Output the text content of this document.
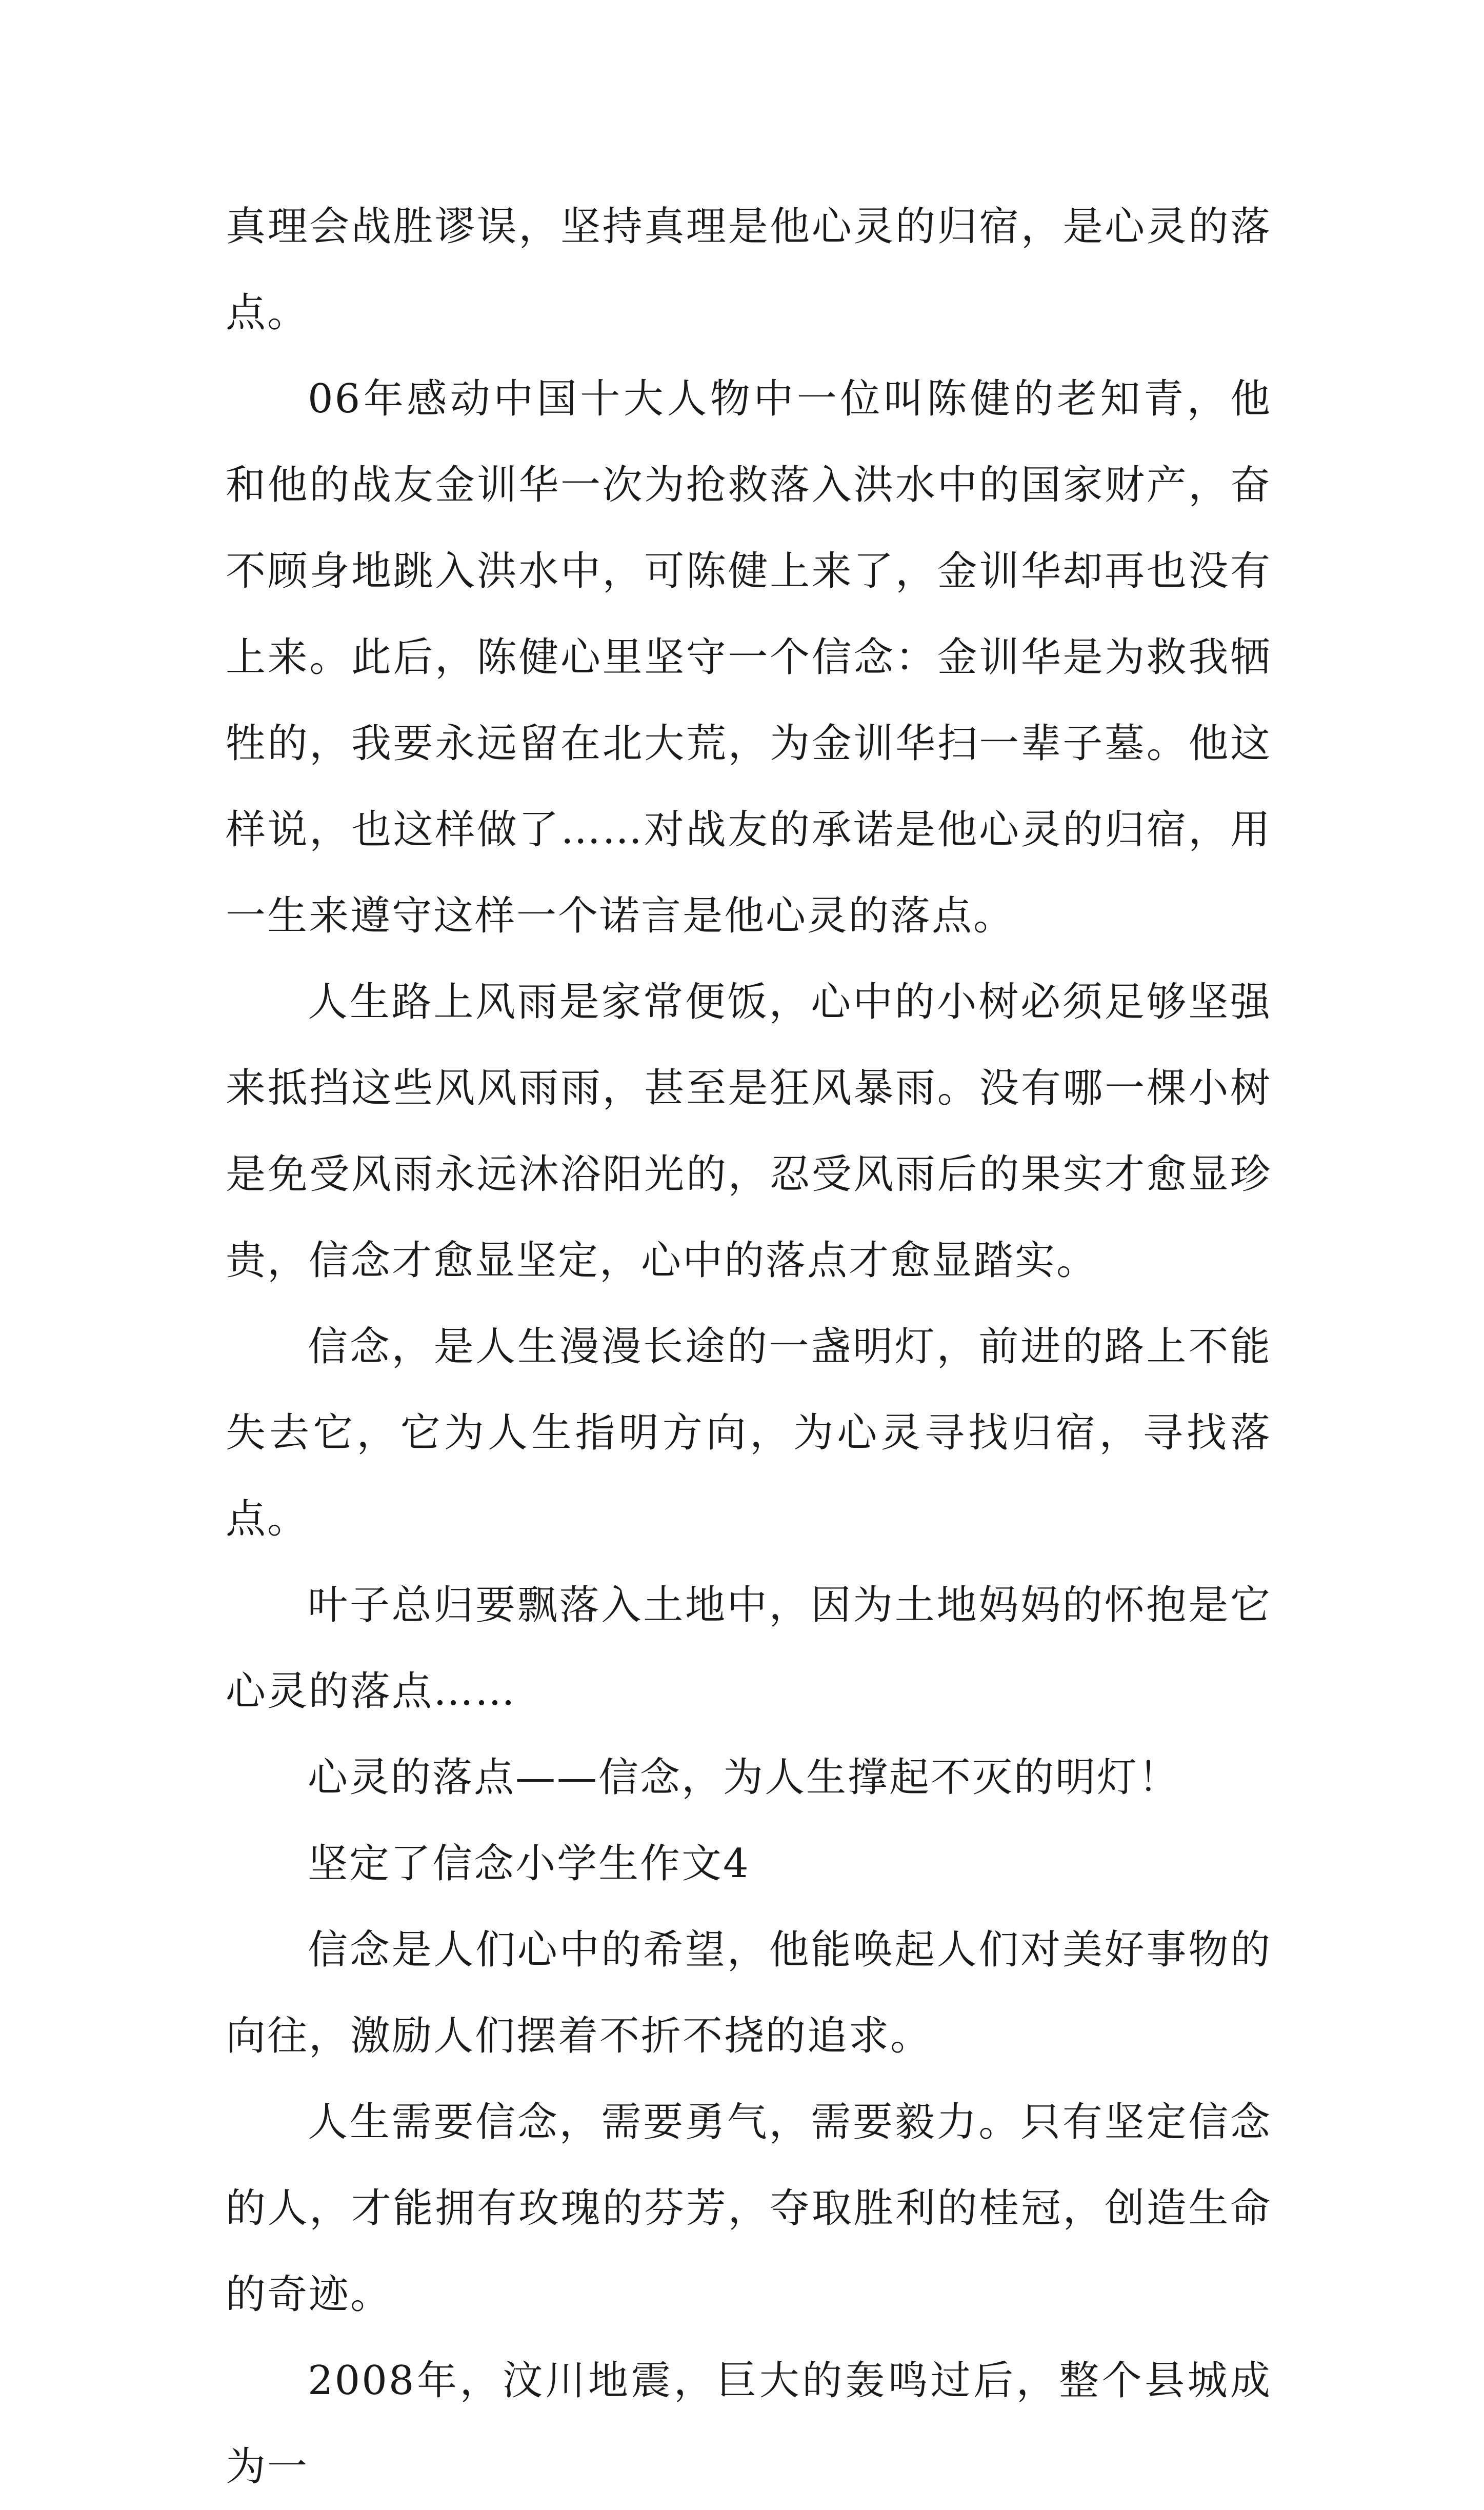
真理会战胜谬误，坚持真理是他心灵的归宿，是心灵的落点。

06年感动中国十大人物中一位叫陈健的老知青，他和他的战友金训华一次为抢救落入洪水中的国家财产，奋不顾身地跳入洪水中，可陈健上来了，金训华却再也没有上来。此后，陈健心里坚守一个信念：金训华是为救我牺牲的，我要永远留在北大荒，为金训华扫一辈子墓。他这样说，也这样做了……对战友的承诺是他心灵的归宿，用一生来遵守这样一个诺言是他心灵的落点。

人生路上风雨是家常便饭，心中的小树必须足够坚强来抵挡这些风风雨雨，甚至是狂风暴雨。没有哪一棵小树是免受风雨永远沐浴阳光的，忍受风雨后的果实才愈显珍贵，信念才愈显坚定，心中的落点才愈显踏实。

信念，是人生漫漫长途的一盏明灯，前进的路上不能失去它，它为人生指明方向，为心灵寻找归宿，寻找落点。

叶子总归要飘落入土地中，因为土地妈妈的怀抱是它心灵的落点……

心灵的落点——信念，为人生撑起不灭的明灯！

坚定了信念小学生作文4

信念是人们心中的希望，他能唤起人们对美好事物的向往，激励人们摆着不折不挠的追求。

人生需要信念，需要勇气，需要毅力。只有坚定信念的人，才能拥有玫瑰的芬芳，夺取胜利的桂冠，创造生命的奇迹。

2008年，汶川地震，巨大的轰鸣过后，整个县城成为一
